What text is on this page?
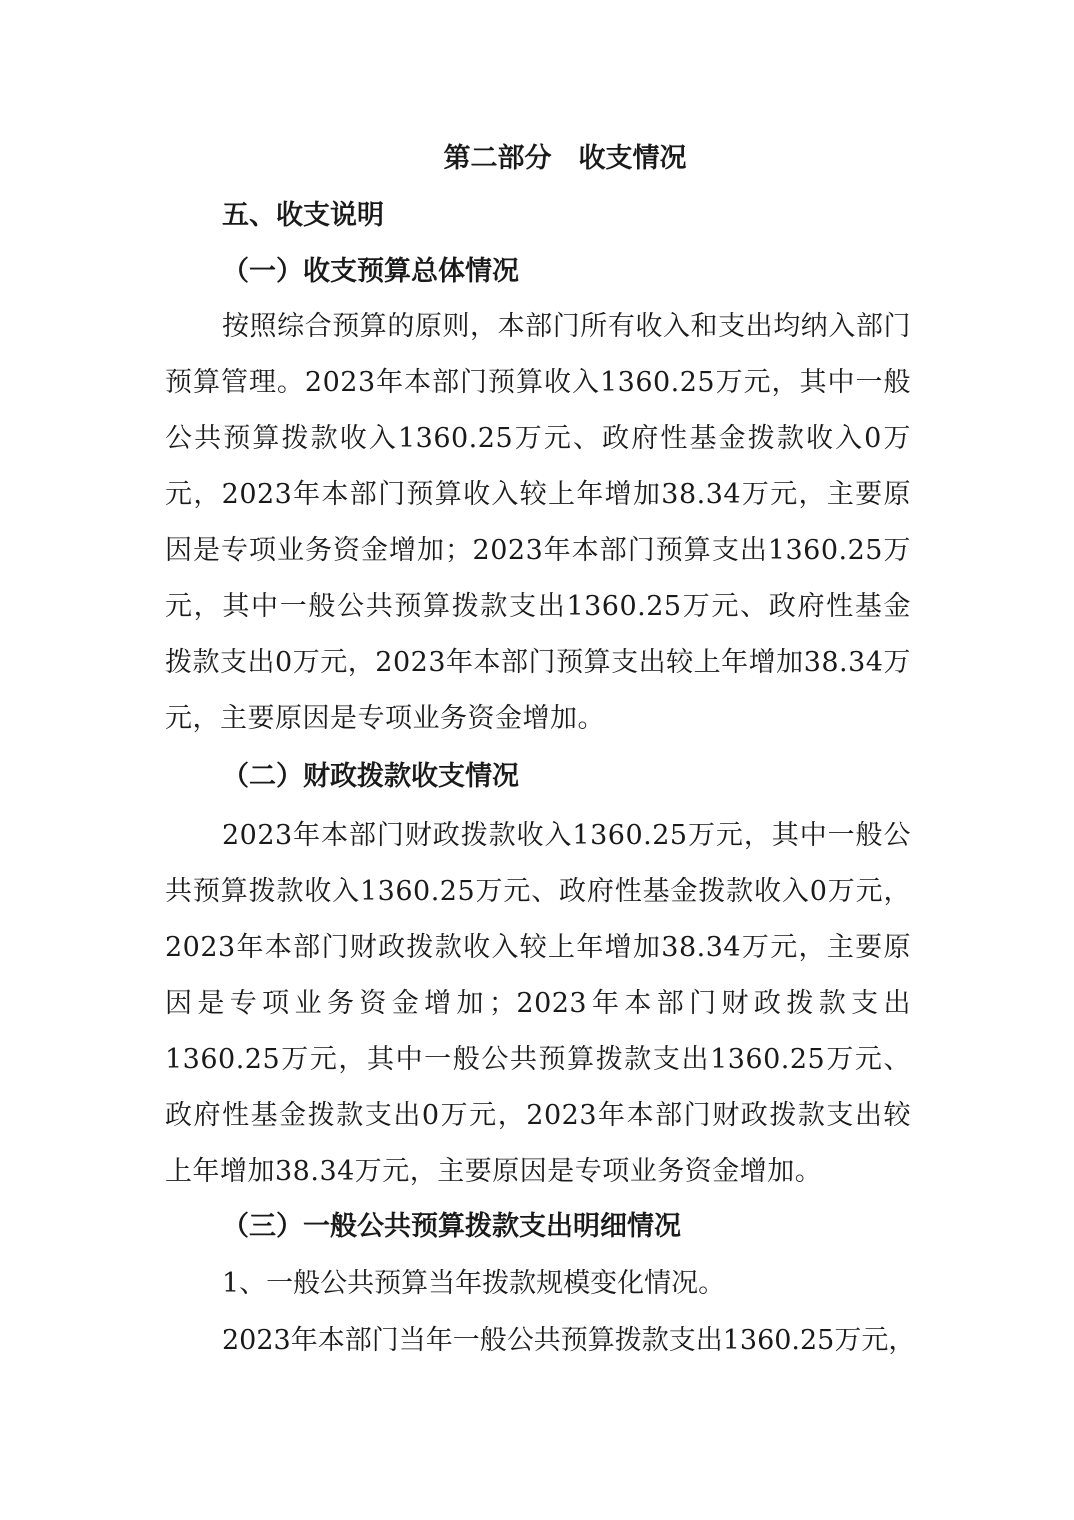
第二部分　收支情况
五、收支说明
（一）收支预算总体情况
按照综合预算的原则，本部门所有收入和支出均纳入部门预算管理。2023年本部门预算收入1360.25万元，其中一般公共预算拨款收入1360.25万元、政府性基金拨款收入0万元，2023年本部门预算收入较上年增加38.34万元，主要原因是专项业务资金增加；2023年本部门预算支出1360.25万元，其中一般公共预算拨款支出1360.25万元、政府性基金拨款支出0万元，2023年本部门预算支出较上年增加38.34万元，主要原因是专项业务资金增加。
（二）财政拨款收支情况
2023年本部门财政拨款收入1360.25万元，其中一般公共预算拨款收入1360.25万元、政府性基金拨款收入0万元，2023年本部门财政拨款收入较上年增加38.34万元，主要原因是专项业务资金增加；2023年本部门财政拨款支出1360.25万元，其中一般公共预算拨款支出1360.25万元、政府性基金拨款支出0万元，2023年本部门财政拨款支出较上年增加38.34万元，主要原因是专项业务资金增加。
（三）一般公共预算拨款支出明细情况
1、一般公共预算当年拨款规模变化情况。
2023年本部门当年一般公共预算拨款支出1360.25万元，
